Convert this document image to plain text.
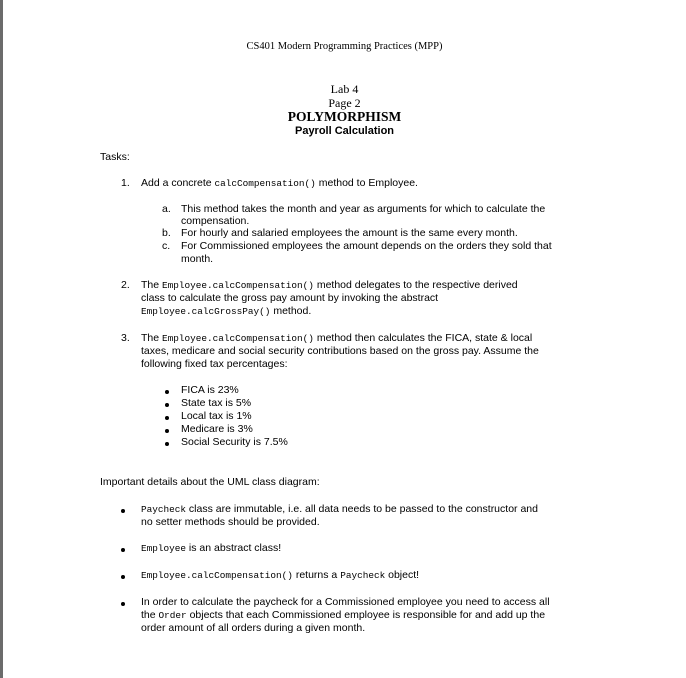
CS401 Modern Programming Practices (MPP)
Lab 4
Page 2
POLYMORPHISM
Payroll Calculation
Tasks:
1. Add a concrete calcCompensation() method to Employee.
a. This method takes the month and year as arguments for which to calculate the
compensation.
b. For hourly and salaried employees the amount is the same every month.
c. For Commissioned employees the amount depends on the orders they sold that
month.
2. The Employee.calcCompensation() method delegates to the respective derived
class to calculate the gross pay amount by invoking the abstract
Employee.calcGrossPay() method.
3. The Employee.calcCompensation() method then calculates the FICA, state & local
taxes, medicare and social security contributions based on the gross pay. Assume the
following fixed tax percentages:
FICA is 23%
State tax is 5%
Local tax is 1%
Medicare is 3%
Social Security is 7.5%
Important details about the UML class diagram:
Paycheck class are immutable, i.e. all data needs to be passed to the constructor and
no setter methods should be provided.
Employee is an abstract class!
Employee.calcCompensation() returns a Paycheck object!
In order to calculate the paycheck for a Commissioned employee you need to access all
the Order objects that each Commissioned employee is responsible for and add up the
order amount of all orders during a given month.
